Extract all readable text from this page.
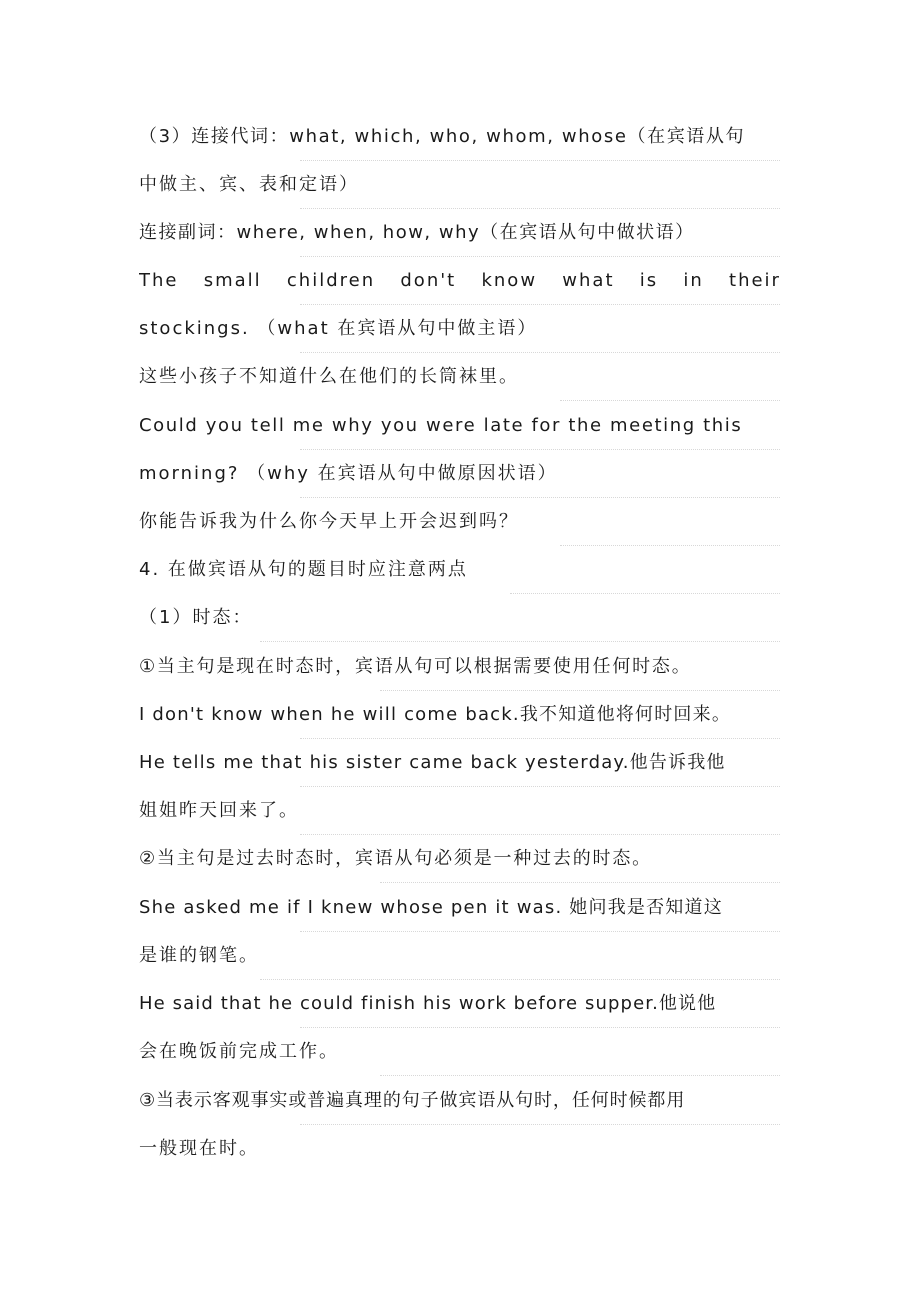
（3）连接代词：what, which, who, whom, whose（在宾语从句
中做主、宾、表和定语）
连接副词：where, when, how, why（在宾语从句中做状语）
The small children don't know what is in their
stockings. （what 在宾语从句中做主语）
这些小孩子不知道什么在他们的长筒袜里。
Could you tell me why you were late for the meeting this
morning? （why 在宾语从句中做原因状语）
你能告诉我为什么你今天早上开会迟到吗？
4. 在做宾语从句的题目时应注意两点
（1）时态：
①当主句是现在时态时，宾语从句可以根据需要使用任何时态。
I don't know when he will come back.我不知道他将何时回来。
He tells me that his sister came back yesterday.他告诉我他
姐姐昨天回来了。
②当主句是过去时态时，宾语从句必须是一种过去的时态。
She asked me if I knew whose pen it was. 她问我是否知道这
是谁的钢笔。
He said that he could finish his work before supper.他说他
会在晚饭前完成工作。
③当表示客观事实或普遍真理的句子做宾语从句时，任何时候都用
一般现在时。
